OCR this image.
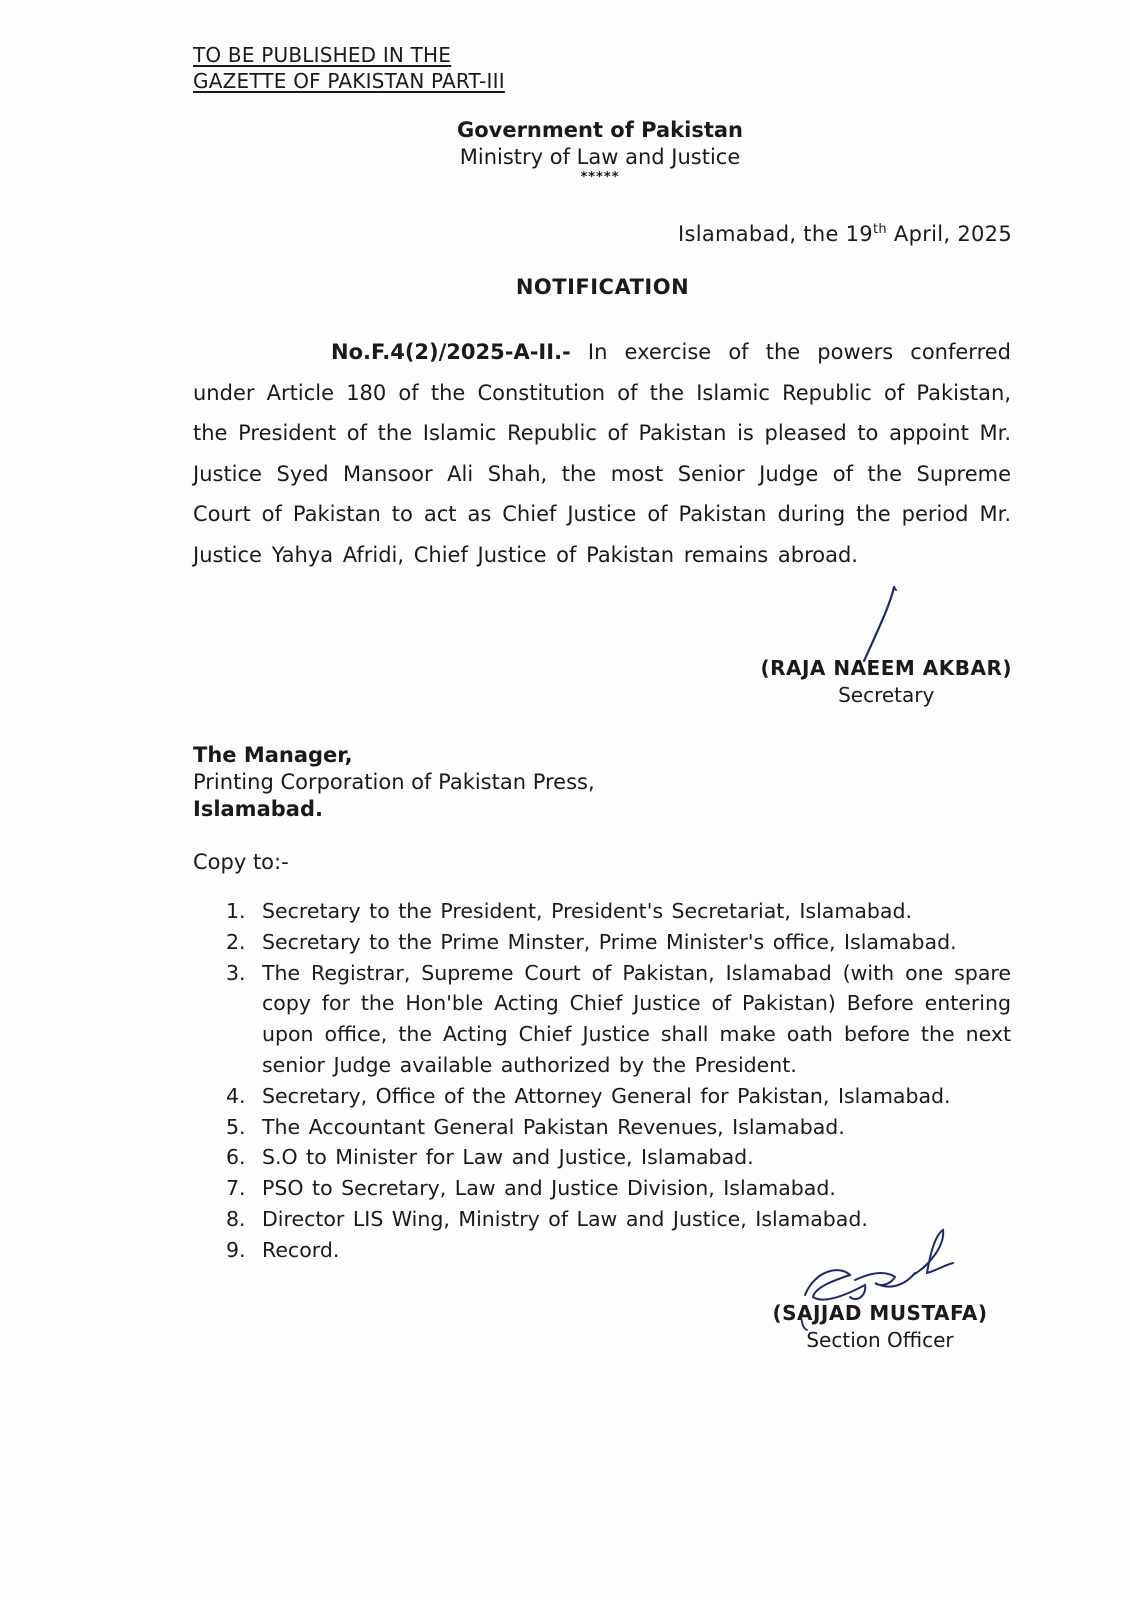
TO BE PUBLISHED IN THE
GAZETTE OF PAKISTAN PART-III
Government of Pakistan
Ministry of Law and Justice
*****
Islamabad, the 19th April, 2025
NOTIFICATION
No.F.4(2)/2025-A-II.- In exercise of the powers conferred under Article 180 of the Constitution of the Islamic Republic of Pakistan, the President of the Islamic Republic of Pakistan is pleased to appoint Mr. Justice Syed Mansoor Ali Shah, the most Senior Judge of the Supreme Court of Pakistan to act as Chief Justice of Pakistan during the period Mr. Justice Yahya Afridi, Chief Justice of Pakistan remains abroad.
(RAJA NAEEM AKBAR)
Secretary
The Manager,
Printing Corporation of Pakistan Press,
Islamabad.
Copy to:-
1. Secretary to the President, President's Secretariat, Islamabad.
2. Secretary to the Prime Minster, Prime Minister's office, Islamabad.
3. The Registrar, Supreme Court of Pakistan, Islamabad (with one spare copy for the Hon'ble Acting Chief Justice of Pakistan) Before entering upon office, the Acting Chief Justice shall make oath before the next senior Judge available authorized by the President.
4. Secretary, Office of the Attorney General for Pakistan, Islamabad.
5. The Accountant General Pakistan Revenues, Islamabad.
6. S.O to Minister for Law and Justice, Islamabad.
7. PSO to Secretary, Law and Justice Division, Islamabad.
8. Director LIS Wing, Ministry of Law and Justice, Islamabad.
9. Record.
(SAJJAD MUSTAFA)
Section Officer
